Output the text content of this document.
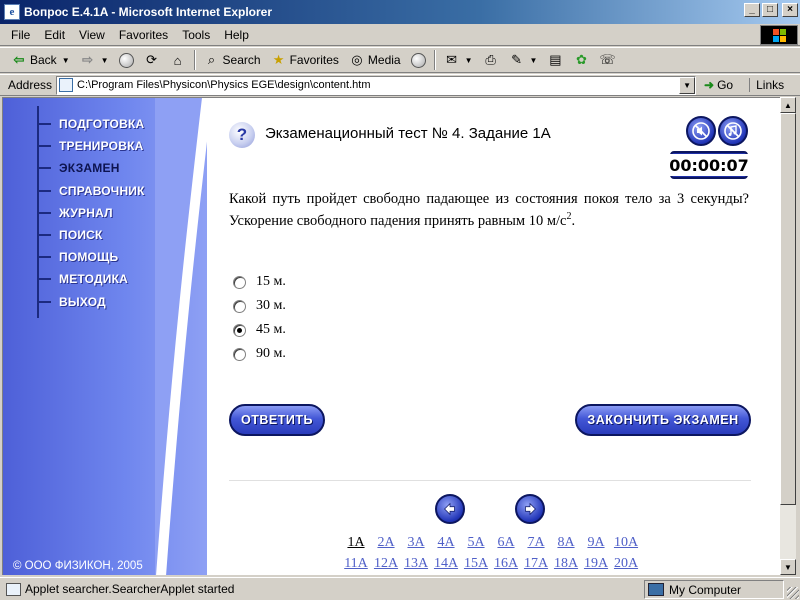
e Вопрос E.4.1A - Microsoft Internet Explorer	_	□	×
File	Edit	View	Favorites	Tools	Help
⇦ Back ▼ ⇨ ▼	⟳	⌂	⌕ Search ★ Favorites ◎ Media	✉ ▼ ⎙ ✎ ▼ ▤ ✿ ☏
Address C:\Program Files\Physicon\Physics EGE\design\content.htm	▼	➜ Go	Links
ПОДГОТОВКА
ТРЕНИРОВКА
ЭКЗАМЕН
СПРАВОЧНИК
ЖУРНАЛ
ПОИСК
ПОМОЩЬ
МЕТОДИКА
ВЫХОД
© ООО ФИЗИКОН, 2005
?	Экзаменационный тест № 4. Задание 1А
00:00:07
Какой путь пройдет свободно падающее из состояния покоя тело за 3 секунды? Ускорение свободного падения принять равным 10 $м/с^2$.
15 м.
30 м.
45 м.
90 м.
ОТВЕТИТЬ	ЗАКОНЧИТЬ ЭКЗАМЕН
1А 2А 3А 4А 5А 6А 7А 8А 9А 10А
11А 12А 13А 14А 15А 16А 17А 18А 19А 20А
▲
▼
Applet searcher.SearcherApplet started	My Computer
